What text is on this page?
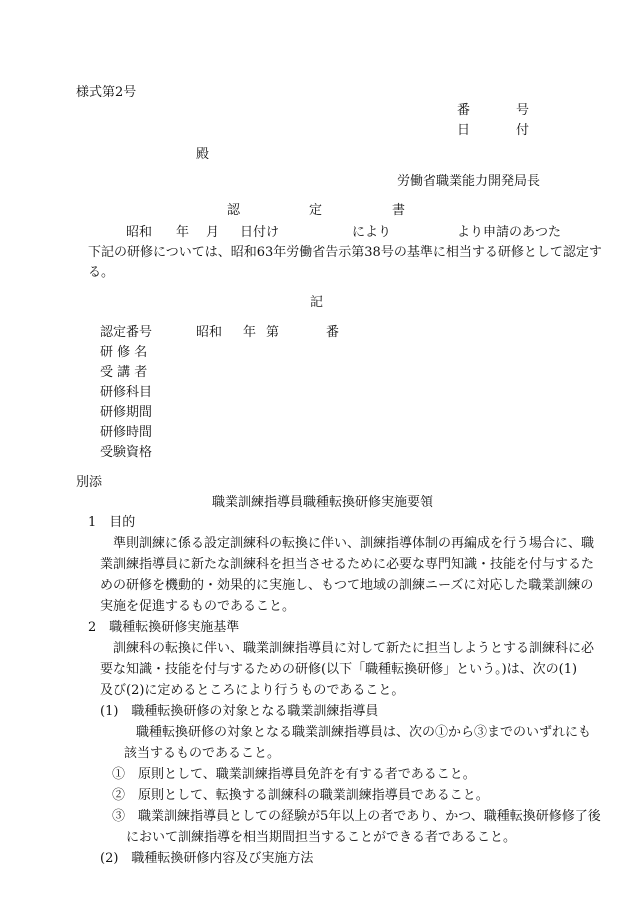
様式第2号
番	号
日	付
殿
労働省職業能力開発局長
認	定	書
昭和 年 月 日付け	により	より申請のあつた
下記の研修については、昭和63年労働省告示第38号の基準に相当する研修として認定す
る。
記
認定番号	昭和 年 第	番
研 修 名
受 講 者
研修科目
研修期間
研修時間
受験資格
別添
職業訓練指導員職種転換研修実施要領
1　目的
準則訓練に係る設定訓練科の転換に伴い、訓練指導体制の再編成を行う場合に、職
業訓練指導員に新たな訓練科を担当させるために必要な専門知識・技能を付与するた
めの研修を機動的・効果的に実施し、もつて地域の訓練ニーズに対応した職業訓練の
実施を促進するものであること。
2　職種転換研修実施基準
訓練科の転換に伴い、職業訓練指導員に対して新たに担当しようとする訓練科に必
要な知識・技能を付与するための研修(以下「職種転換研修」という。)は、次の(1)
及び(2)に定めるところにより行うものであること。
(1)　職種転換研修の対象となる職業訓練指導員
職種転換研修の対象となる職業訓練指導員は、次の①から③までのいずれにも
該当するものであること。
①　原則として、職業訓練指導員免許を有する者であること。
②　原則として、転換する訓練科の職業訓練指導員であること。
③　職業訓練指導員としての経験が5年以上の者であり、かつ、職種転換研修修了後
において訓練指導を相当期間担当することができる者であること。
(2)　職種転換研修内容及び実施方法
